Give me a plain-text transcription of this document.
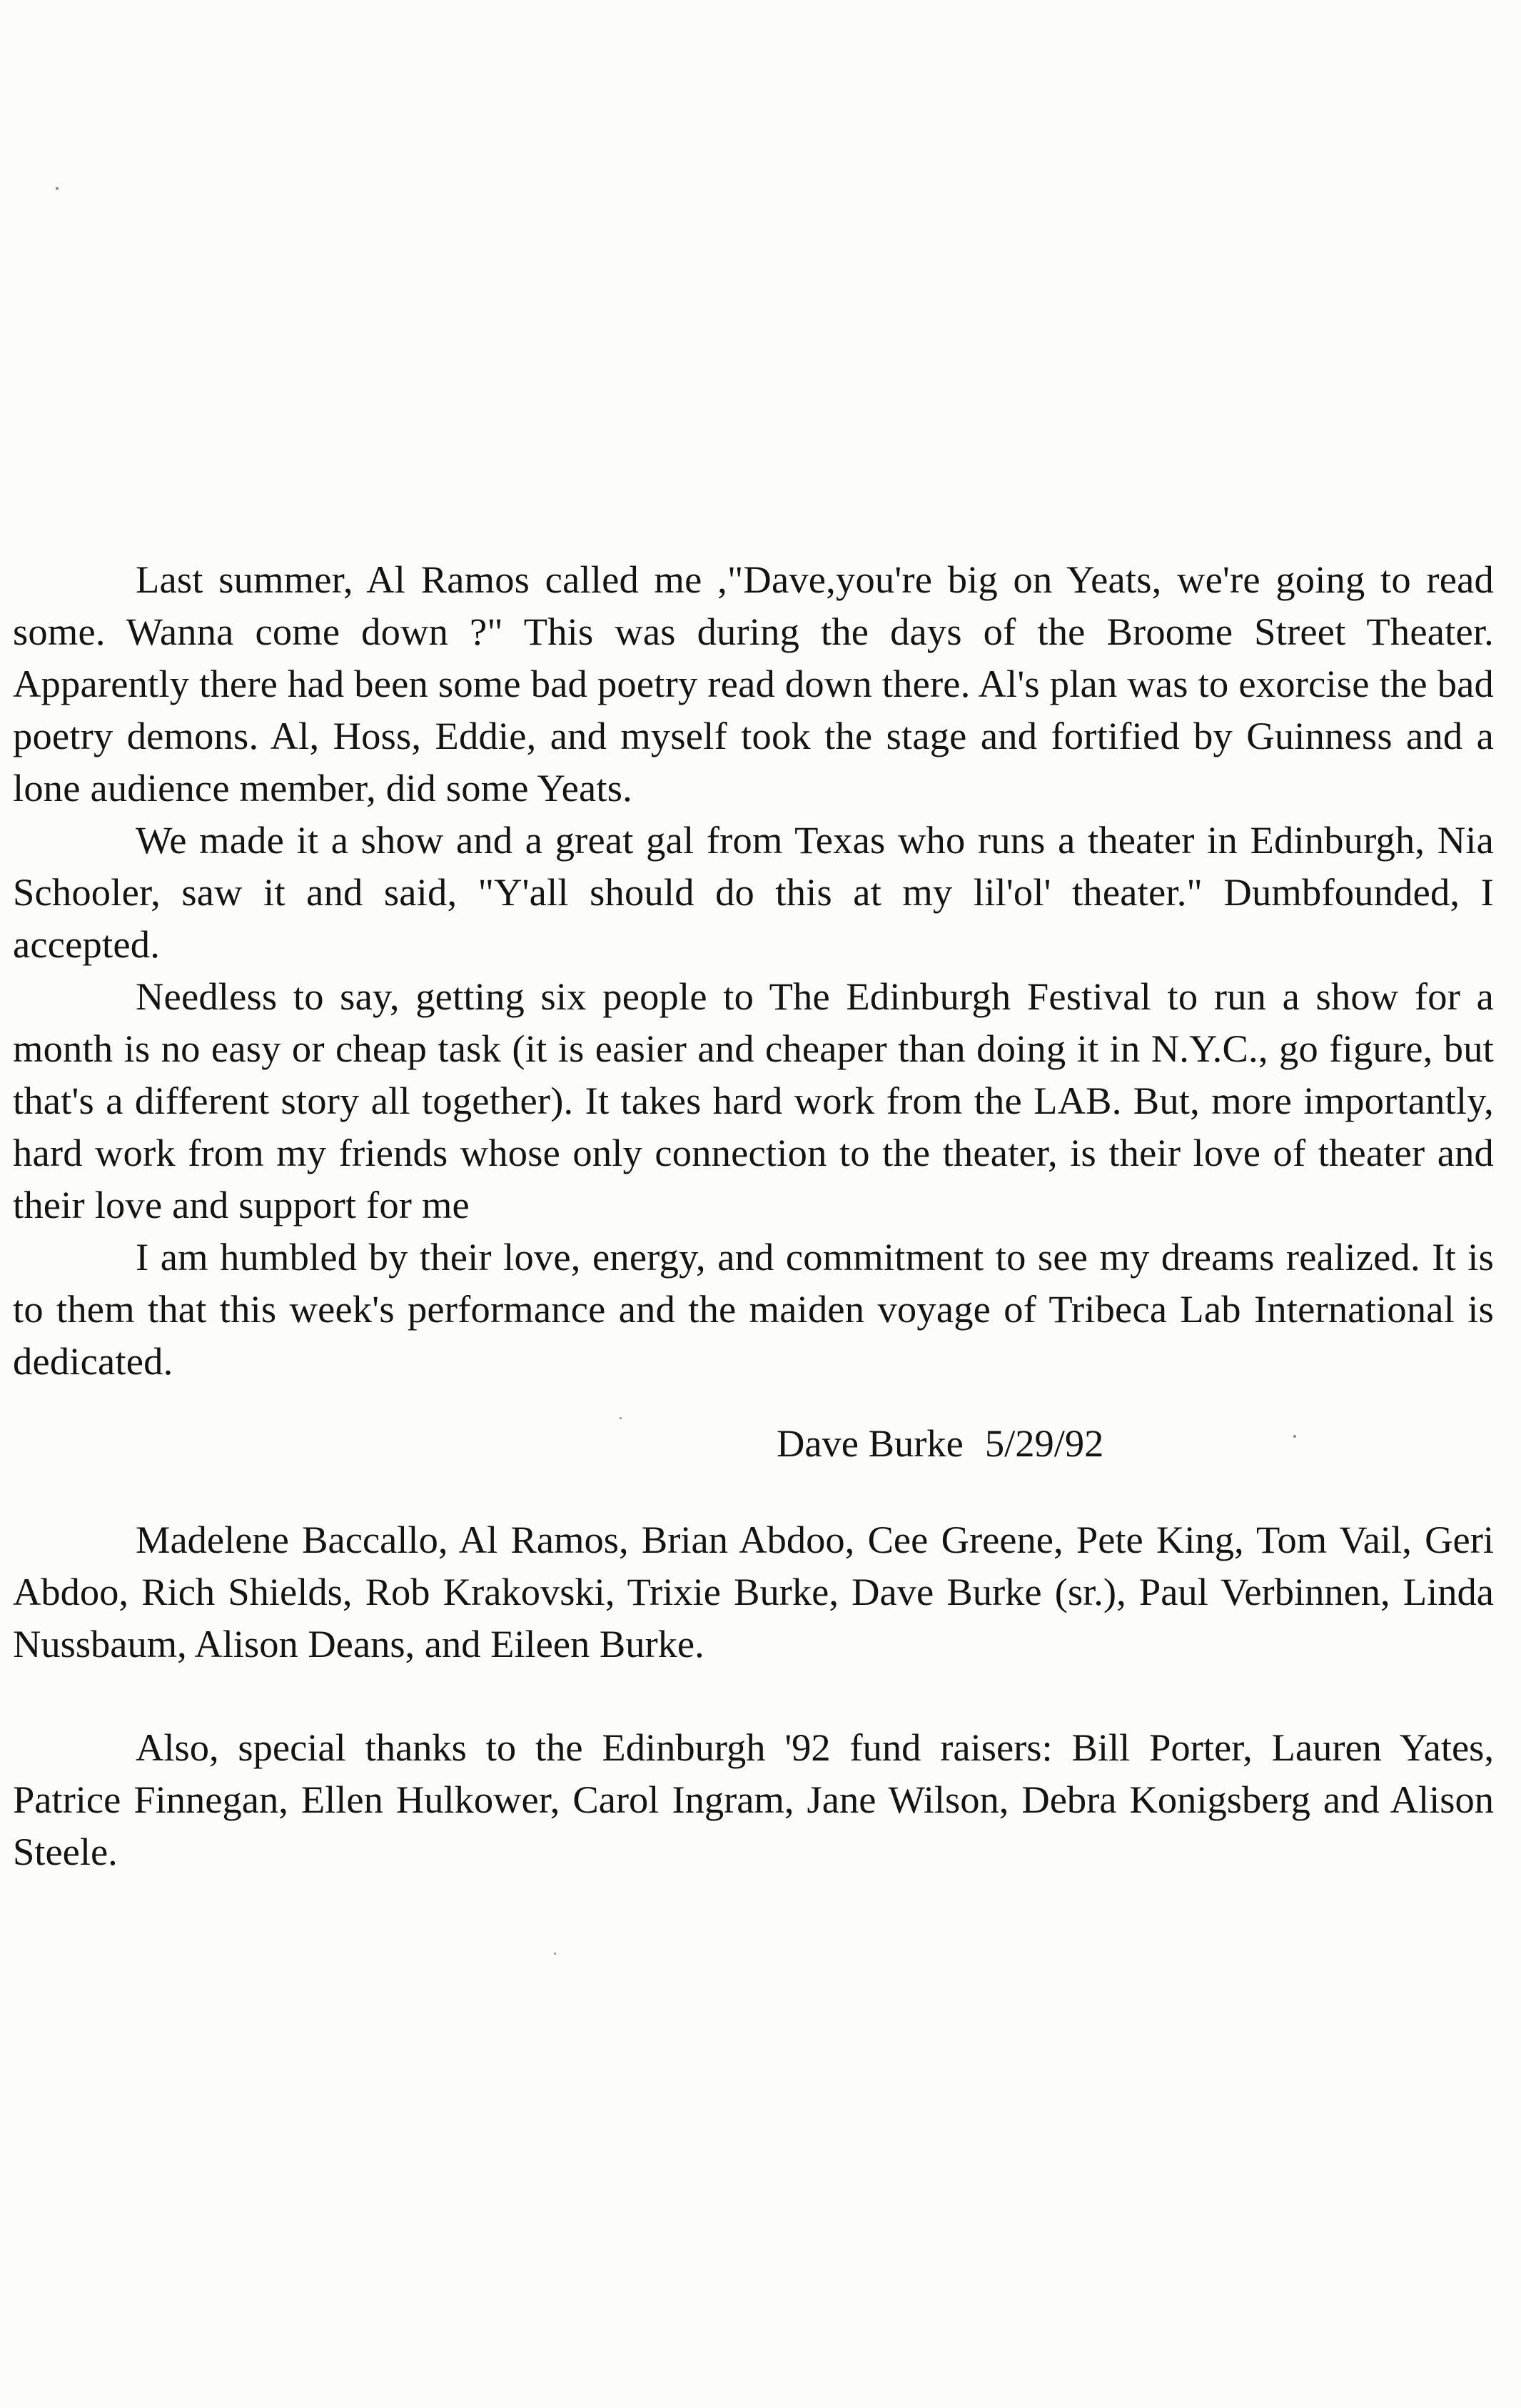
Last summer, Al Ramos called me ,"Dave,you're big on Yeats, we're going to read some. Wanna come down ?" This was during the days of the Broome Street Theater. Apparently there had been some bad poetry read down there. Al's plan was to exorcise the bad poetry demons. Al, Hoss, Eddie, and myself took the stage and fortified by Guinness and a lone audience member, did some Yeats.

We made it a show and a great gal from Texas who runs a theater in Edinburgh, Nia Schooler, saw it and said, "Y'all should do this at my lil'ol' theater." Dumbfounded, I accepted.

Needless to say, getting six people to The Edinburgh Festival to run a show for a month is no easy or cheap task (it is easier and cheaper than doing it in N.Y.C., go figure, but that's a different story all together). It takes hard work from the LAB. But, more importantly, hard work from my friends whose only connection to the theater, is their love of theater and their love and support for me

I am humbled by their love, energy, and commitment to see my dreams realized. It is to them that this week's performance and the maiden voyage of Tribeca Lab International is dedicated.

Dave Burke 5/29/92

Madelene Baccallo, Al Ramos, Brian Abdoo, Cee Greene, Pete King, Tom Vail, Geri Abdoo, Rich Shields, Rob Krakovski, Trixie Burke, Dave Burke (sr.), Paul Verbinnen, Linda Nussbaum, Alison Deans, and Eileen Burke.

Also, special thanks to the Edinburgh '92 fund raisers: Bill Porter, Lauren Yates, Patrice Finnegan, Ellen Hulkower, Carol Ingram, Jane Wilson, Debra Konigsberg and Alison Steele.
